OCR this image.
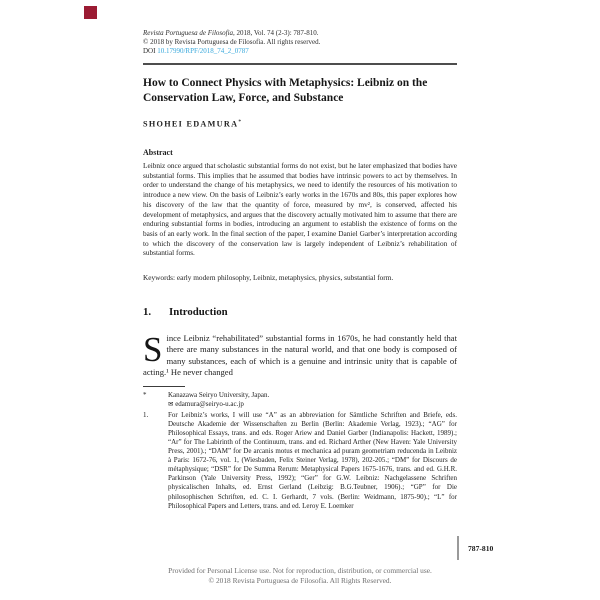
Revista Portuguesa de Filosofia, 2018, Vol. 74 (2-3): 787-810.
© 2018 by Revista Portuguesa de Filosofia. All rights reserved.
DOI 10.17990/RPF/2018_74_2_0787
How to Connect Physics with Metaphysics: Leibniz on the
Conservation Law, Force, and Substance
SHOHEI EDAMURA*
Abstract
Leibniz once argued that scholastic substantial forms do not exist, but he later emphasized that bodies have substantial forms. This implies that he assumed that bodies have intrinsic powers to act by themselves. In order to understand the change of his metaphysics, we need to identify the resources of his motivation to introduce a new view. On the basis of Leibniz’s early works in the 1670s and 80s, this paper explores how his discovery of the law that the quantity of force, measured by mv², is conserved, affected his development of metaphysics, and argues that the discovery actually motivated him to assume that there are enduring substantial forms in bodies, introducing an argument to establish the existence of forms on the basis of an early work. In the final section of the paper, I examine Daniel Garber’s interpretation according to which the discovery of the conservation law is largely independent of Leibniz’s rehabilitation of substantial forms.
Keywords: early modern philosophy, Leibniz, metaphysics, physics, substantial form.
1. Introduction

Since Leibniz “rehabilitated” substantial forms in 1670s, he had constantly held that there are many substances in the natural world, and that one body is composed of many substances, each of which is a genuine and intrinsic unity that is capable of acting.¹ He never changed

*	Kanazawa Seiryo University, Japan.
✉ edamura@seiryo-u.ac.jp
1.	For Leibniz’s works, I will use “A” as an abbreviation for Sämtliche Schriften and Briefe, eds. Deutsche Akademie der Wissenschaften zu Berlin (Berlin: Akademie Verlag, 1923).; “AG” for Philosophical Essays, trans. and eds. Roger Ariew and Daniel Garber (Indianapolis: Hackett, 1989).; “Ar” for The Labirinth of the Continuum, trans. and ed. Richard Arther (New Haven: Yale University Press, 2001).; “DAM” for De arcanis motus et mechanica ad puram geometriam reducenda in Leibniz à Paris: 1672-76, vol. 1, (Wiesbaden, Felix Steiner Verlag, 1978), 202-205.; “DM” for Discours de métaphysique; “DSR” for De Summa Rerum: Metaphysical Papers 1675-1676, trans. and ed. G.H.R. Parkinson (Yale University Press, 1992); “Ger” for G.W. Leibniz: Nachgelassene Schriften physicalischen Inhalts, ed. Ernst Gerland (Leibzig: B.G.Teubner, 1906).; “GP” for Die philosophischen Schriften, ed. C. I. Gerhardt, 7 vols. (Berlin: Weidmann, 1875-90).; “L” for Philosophical Papers and Letters, trans. and ed. Leroy E. Loemker
787-810
Provided for Personal License use. Not for reproduction, distribution, or commercial use.
© 2018 Revista Portuguesa de Filosofia. All Rights Reserved.
